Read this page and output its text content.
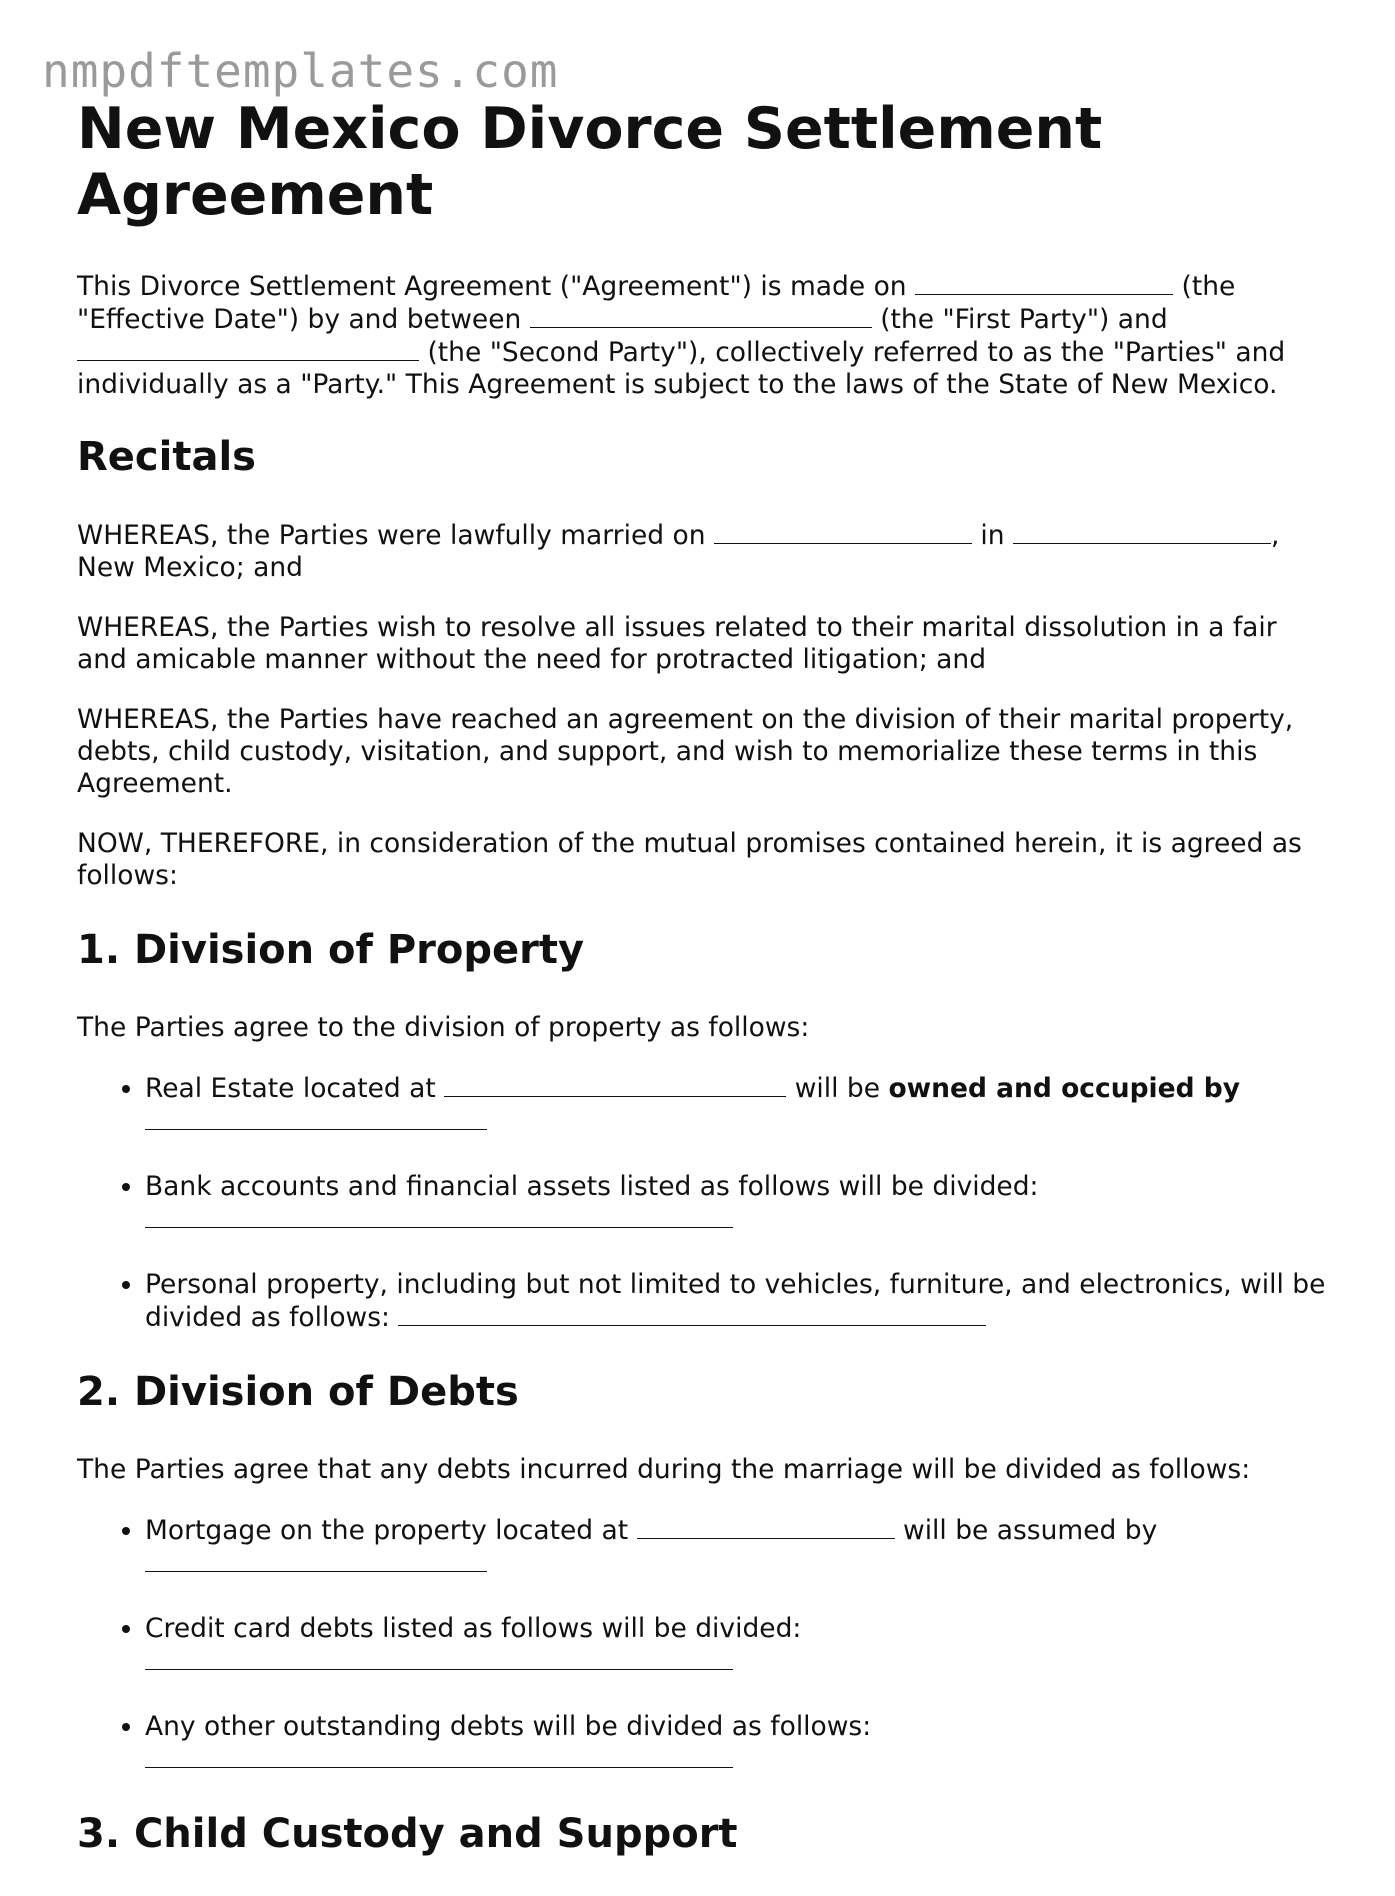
nmpdftemplates.com
New Mexico Divorce Settlement Agreement

This Divorce Settlement Agreement ("Agreement") is made on	(the "Effective Date") by and between	(the "First Party") and  (the "Second Party"), collectively referred to as the "Parties" and individually as a "Party." This Agreement is subject to the laws of the State of New Mexico.

Recitals

WHEREAS, the Parties were lawfully married on	in	, New Mexico; and

WHEREAS, the Parties wish to resolve all issues related to their marital dissolution in a fair and amicable manner without the need for protracted litigation; and

WHEREAS, the Parties have reached an agreement on the division of their marital property, debts, child custody, visitation, and support, and wish to memorialize these terms in this Agreement.

NOW, THEREFORE, in consideration of the mutual promises contained herein, it is agreed as follows:

1. Division of Property

The Parties agree to the division of property as follows:

• Real Estate located at	will be owned and occupied by
• Bank accounts and financial assets listed as follows will be divided:
• Personal property, including but not limited to vehicles, furniture, and electronics, will be divided as follows:
2. Division of Debts

The Parties agree that any debts incurred during the marriage will be divided as follows:

• Mortgage on the property located at	will be assumed by
• Credit card debts listed as follows will be divided:
• Any other outstanding debts will be divided as follows:
3. Child Custody and Support
